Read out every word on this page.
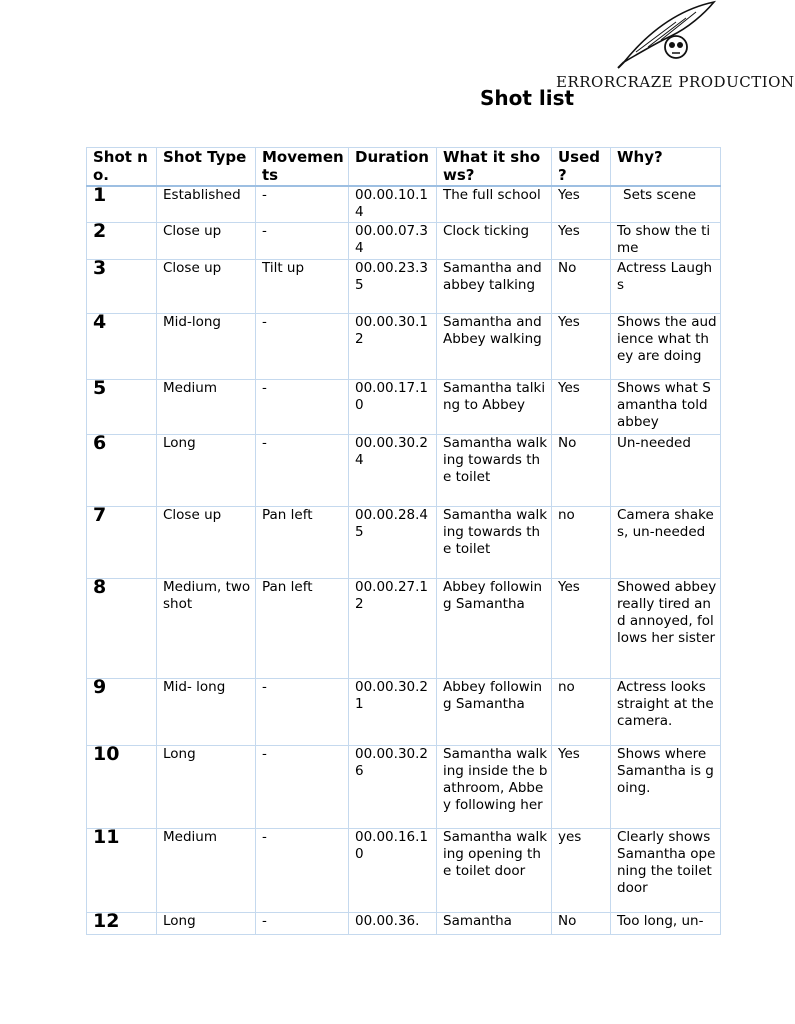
ERRORCRAZE PRODUCTION
Shot list
Shot no.	Shot Type	Movements	Duration	What it shows?	Used ?	Why?
1	Established	-	00.00.10.14	The full school	Yes	Sets scene
2	Close up	-	00.00.07.34	Clock ticking	Yes	To show the time
3	Close up	Tilt up	00.00.23.35	Samantha and abbey talking	No	Actress Laughs
4	Mid-long	-	00.00.30.12	Samantha and Abbey walking	Yes	Shows the audience what they are doing
5	Medium	-	00.00.17.10	Samantha talking to Abbey	Yes	Shows what Samantha told abbey
6	Long	-	00.00.30.24	Samantha walking towards the toilet	No	Un-needed
7	Close up	Pan left	00.00.28.45	Samantha walking towards the toilet	no	Camera shakes, un-needed
8	Medium, two shot	Pan left	00.00.27.12	Abbey following Samantha	Yes	Showed abbey really tired and annoyed, follows her sister
9	Mid- long	-	00.00.30.21	Abbey following Samantha	no	Actress looks straight at the camera.
10	Long	-	00.00.30.26	Samantha walking inside the bathroom, Abbey following her	Yes	Shows where Samantha is going.
11	Medium	-	00.00.16.10	Samantha walking opening the toilet door	yes	Clearly shows Samantha opening the toilet door
12	Long	-	00.00.36.	Samantha	No	Too long, un-
